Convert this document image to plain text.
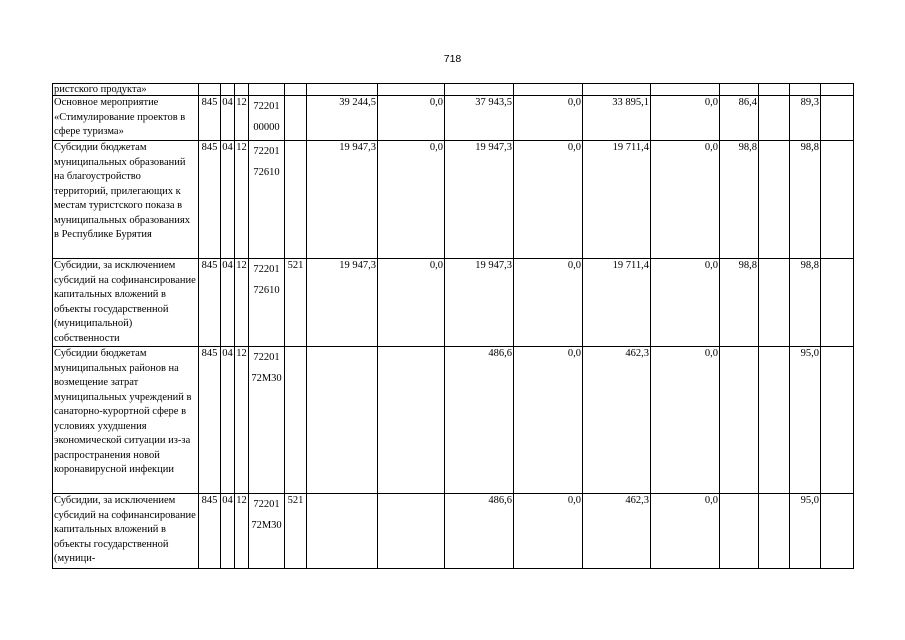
718
ристского продукта»															
Основное мероприятие «Стимулирование проектов в сфере туризма»	845	04	12	72201 00000		39 244,5	0,0	37 943,5	0,0	33 895,1	0,0	86,4		89,3	
Субсидии бюджетам муниципальных образований на благоустройство территорий, прилегающих к местам туристского показа в муниципальных образованиях в Республике Бурятия	845	04	12	72201 72610		19 947,3	0,0	19 947,3	0,0	19 711,4	0,0	98,8		98,8	
Субсидии, за исключением субсидий на софинансирование капитальных вложений в объекты государственной (муниципальной) собственности	845	04	12	72201 72610	521	19 947,3	0,0	19 947,3	0,0	19 711,4	0,0	98,8		98,8	
Субсидии бюджетам муниципальных районов на возмещение затрат муниципальных учреждений в санаторно-курортной сфере в условиях ухудшения экономической ситуации из-за распространения новой коронавирусной инфекции	845	04	12	72201 72М30				486,6	0,0	462,3	0,0			95,0	
Субсидии, за исключением субсидий на софинансирование капитальных вложений в объекты государственной (муници-	845	04	12	72201 72М30	521			486,6	0,0	462,3	0,0			95,0	
